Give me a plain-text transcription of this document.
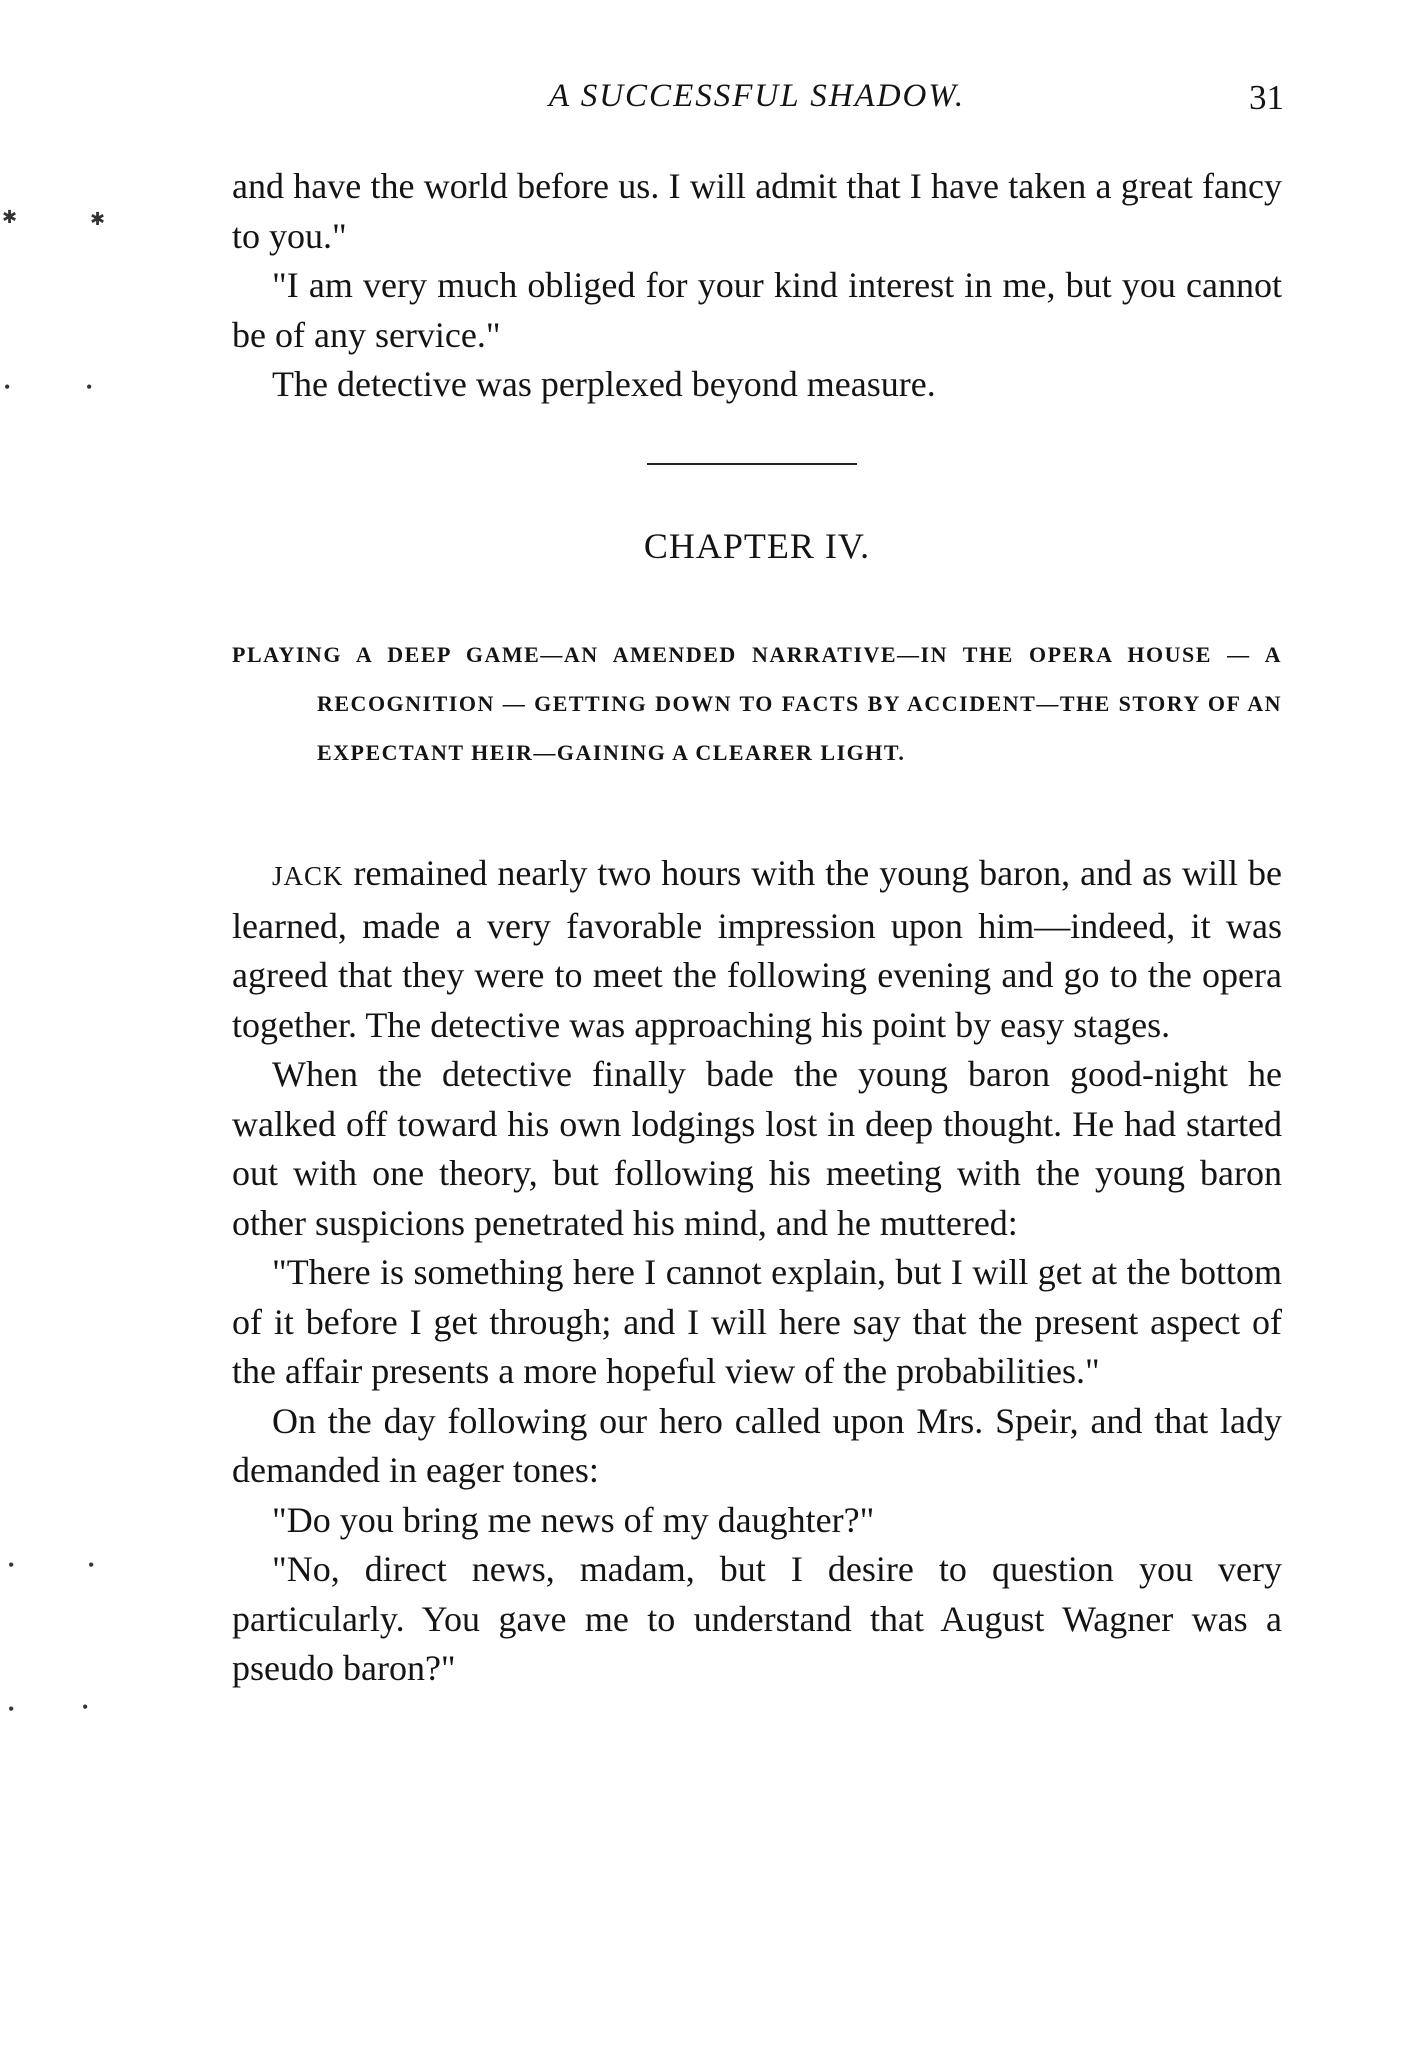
A SUCCESSFUL SHADOW.	31

and have the world before us. I will admit that I have taken a great fancy to you."

"I am very much obliged for your kind interest in me, but you cannot be of any service."

The detective was perplexed beyond measure.

CHAPTER IV.
PLAYING A DEEP GAME—AN AMENDED NARRATIVE—IN THE OPERA HOUSE — A RECOGNITION — GETTING DOWN TO FACTS BY ACCIDENT—THE STORY OF AN EXPECTANT HEIR—GAINING A CLEARER LIGHT.

JACK remained nearly two hours with the young baron, and as will be learned, made a very favorable impression upon him—indeed, it was agreed that they were to meet the following evening and go to the opera together. The detective was approaching his point by easy stages.

When the detective finally bade the young baron good-night he walked off toward his own lodgings lost in deep thought. He had started out with one theory, but following his meeting with the young baron other suspicions penetrated his mind, and he muttered:

"There is something here I cannot explain, but I will get at the bottom of it before I get through; and I will here say that the present aspect of the affair presents a more hopeful view of the probabilities."

On the day following our hero called upon Mrs. Speir, and that lady demanded in eager tones:

"Do you bring me news of my daughter?"

"No, direct news, madam, but I desire to question you very particularly. You gave me to understand that August Wagner was a pseudo baron?"

✱	✱
•	•
•	•
•	•
